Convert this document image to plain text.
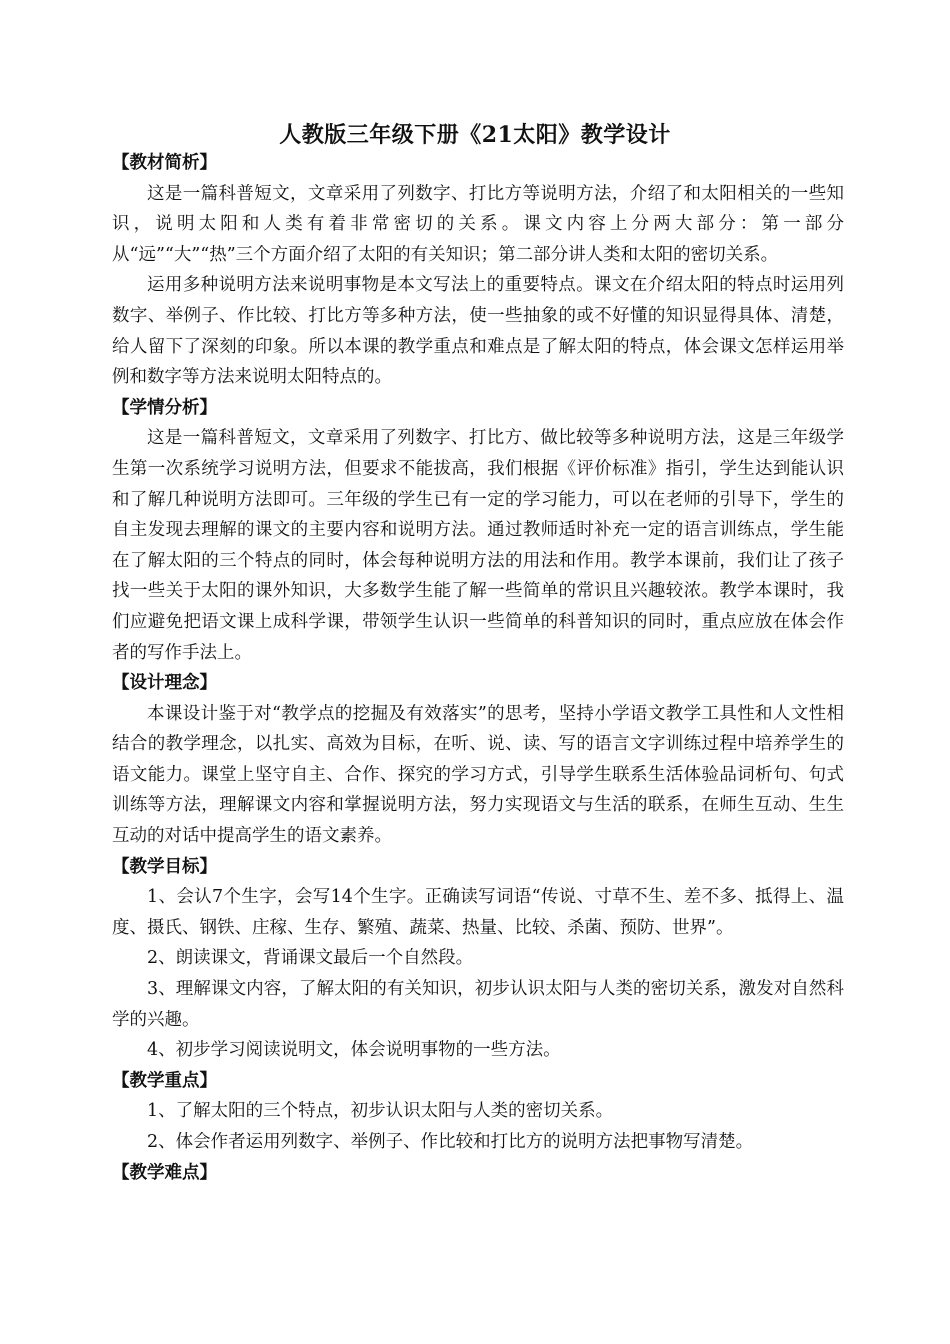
人教版三年级下册《21太阳》教学设计

【教材简析】

这是一篇科普短文，文章采用了列数字、打比方等说明方法，介绍了和太阳相关的一些知识，说明太阳和人类有着非常密切的关系。课文内容上分两大部分：第一部分从“远”“大”“热”三个方面介绍了太阳的有关知识；第二部分讲人类和太阳的密切关系。

运用多种说明方法来说明事物是本文写法上的重要特点。课文在介绍太阳的特点时运用列数字、举例子、作比较、打比方等多种方法，使一些抽象的或不好懂的知识显得具体、清楚，给人留下了深刻的印象。所以本课的教学重点和难点是了解太阳的特点，体会课文怎样运用举例和数字等方法来说明太阳特点的。

【学情分析】

这是一篇科普短文，文章采用了列数字、打比方、做比较等多种说明方法，这是三年级学生第一次系统学习说明方法，但要求不能拔高，我们根据《评价标准》指引，学生达到能认识和了解几种说明方法即可。三年级的学生已有一定的学习能力，可以在老师的引导下，学生的自主发现去理解的课文的主要内容和说明方法。通过教师适时补充一定的语言训练点，学生能在了解太阳的三个特点的同时，体会每种说明方法的用法和作用。教学本课前，我们让了孩子找一些关于太阳的课外知识，大多数学生能了解一些简单的常识且兴趣较浓。教学本课时，我们应避免把语文课上成科学课，带领学生认识一些简单的科普知识的同时，重点应放在体会作者的写作手法上。

【设计理念】

本课设计鉴于对“教学点的挖掘及有效落实”的思考，坚持小学语文教学工具性和人文性相结合的教学理念，以扎实、高效为目标，在听、说、读、写的语言文字训练过程中培养学生的语文能力。课堂上坚守自主、合作、探究的学习方式，引导学生联系生活体验品词析句、句式训练等方法，理解课文内容和掌握说明方法，努力实现语文与生活的联系，在师生互动、生生互动的对话中提高学生的语文素养。

【教学目标】

1、会认7个生字，会写14个生字。正确读写词语“传说、寸草不生、差不多、抵得上、温度、摄氏、钢铁、庄稼、生存、繁殖、蔬菜、热量、比较、杀菌、预防、世界”。

2、朗读课文，背诵课文最后一个自然段。

3、理解课文内容，了解太阳的有关知识，初步认识太阳与人类的密切关系，激发对自然科学的兴趣。

4、初步学习阅读说明文，体会说明事物的一些方法。

【教学重点】

1、了解太阳的三个特点，初步认识太阳与人类的密切关系。

2、体会作者运用列数字、举例子、作比较和打比方的说明方法把事物写清楚。

【教学难点】
